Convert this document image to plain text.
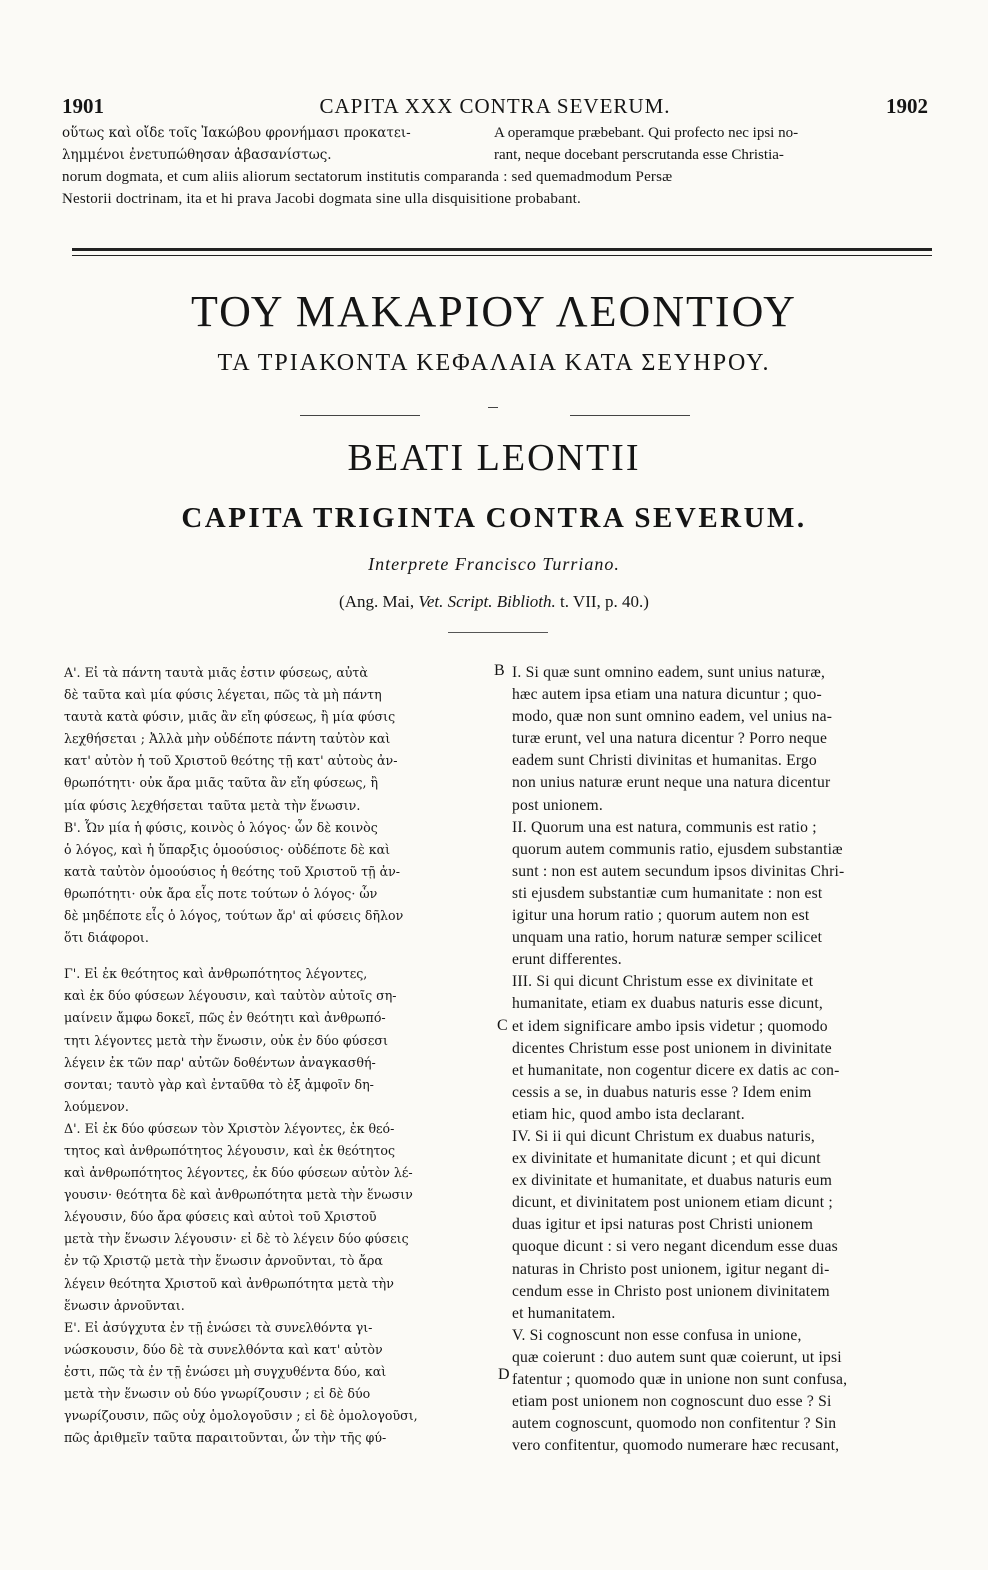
1901	CAPITA XXX CONTRA SEVERUM.	1902
οὕτως καὶ οἴδε τοῖς Ἰακώβου φρονήμασι προκατει-	A operamque præbebant. Qui profecto nec ipsi no-
λημμένοι ἐνετυπώθησαν ἀβασανίστως.	rant, neque docebant perscrutanda esse Christia-
norum dogmata, et cum aliis aliorum sectatorum institutis comparanda : sed quemadmodum Persæ Nestorii doctrinam, ita et hi prava Jacobi dogmata sine ulla disquisitione probabant.
ΤΟΥ ΜΑΚΑΡΙΟΥ ΛΕΟΝΤΙΟΥ
ΤΑ ΤΡΙΑΚΟΝΤΑ ΚΕΦΑΛΑΙΑ ΚΑΤΑ ΣΕΥΗΡΟΥ.
BEATI LEONTII
CAPITA TRIGINTA CONTRA SEVERUM.
Interprete Francisco Turriano.
(Ang. Mai, Vet. Script. Biblioth. t. VII, p. 40.)

Α'. Εἰ τὰ πάντη ταυτὰ μιᾶς ἐστιν φύσεως, αὐτὰ
δὲ ταῦτα καὶ μία φύσις λέγεται, πῶς τὰ μὴ πάντη
ταυτὰ κατὰ φύσιν, μιᾶς ἂν εἴη φύσεως, ἢ μία φύσις
λεχθήσεται ; Ἀλλὰ μὴν οὐδέποτε πάντη ταὐτὸν καὶ
κατ' αὐτὸν ἡ τοῦ Χριστοῦ θεότης τῇ κατ' αὐτοὺς ἀν-
θρωπότητι· οὐκ ἄρα μιᾶς ταῦτα ἂν εἴη φύσεως, ἢ
μία φύσις λεχθήσεται ταῦτα μετὰ τὴν ἕνωσιν.

Β'. Ὧν μία ἡ φύσις, κοινὸς ὁ λόγος· ὧν δὲ κοινὸς
ὁ λόγος, καὶ ἡ ὕπαρξις ὁμοούσιος· οὐδέποτε δὲ καὶ
κατὰ ταὐτὸν ὁμοούσιος ἡ θεότης τοῦ Χριστοῦ τῇ ἀν-
θρωπότητι· οὐκ ἄρα εἷς ποτε τούτων ὁ λόγος· ὧν
δὲ μηδέποτε εἷς ὁ λόγος, τούτων ἄρ' αἱ φύσεις δῆλον
ὅτι διάφοροι.

Γ'. Εἰ ἐκ θεότητος καὶ ἀνθρωπότητος λέγοντες,
καὶ ἐκ δύο φύσεων λέγουσιν, καὶ ταὐτὸν αὐτοῖς ση-
μαίνειν ἄμφω δοκεῖ, πῶς ἐν θεότητι καὶ ἀνθρωπό-
τητι λέγοντες μετὰ τὴν ἕνωσιν, οὐκ ἐν δύο φύσεσι
λέγειν ἐκ τῶν παρ' αὐτῶν δοθέντων ἀναγκασθή-
σονται; ταυτὸ γὰρ καὶ ἐνταῦθα τὸ ἐξ ἀμφοῖν δη-
λούμενον.

Δ'. Εἰ ἐκ δύο φύσεων τὸν Χριστὸν λέγοντες, ἐκ θεό-
τητος καὶ ἀνθρωπότητος λέγουσιν, καὶ ἐκ θεότητος
καὶ ἀνθρωπότητος λέγοντες, ἐκ δύο φύσεων αὐτὸν λέ-
γουσιν· θεότητα δὲ καὶ ἀνθρωπότητα μετὰ τὴν ἕνωσιν
λέγουσιν, δύο ἄρα φύσεις καὶ αὐτοὶ τοῦ Χριστοῦ
μετὰ τὴν ἕνωσιν λέγουσιν· εἰ δὲ τὸ λέγειν δύο φύσεις
ἐν τῷ Χριστῷ μετὰ τὴν ἕνωσιν ἀρνοῦνται, τὸ ἄρα
λέγειν θεότητα Χριστοῦ καὶ ἀνθρωπότητα μετὰ τὴν
ἕνωσιν ἀρνοῦνται.

Ε'. Εἰ ἀσύγχυτα ἐν τῇ ἑνώσει τὰ συνελθόντα γι-
νώσκουσιν, δύο δὲ τὰ συνελθόντα καὶ κατ' αὐτὸν
ἐστι, πῶς τὰ ἐν τῇ ἑνώσει μὴ συγχυθέντα δύο, καὶ
μετὰ τὴν ἕνωσιν οὐ δύο γνωρίζουσιν ; εἰ δὲ δύο
γνωρίζουσιν, πῶς οὐχ ὁμολογοῦσιν ; εἰ δὲ ὁμολογοῦσι,
πῶς ἀριθμεῖν ταῦτα παραιτοῦνται, ὧν τὴν τῆς φύ-

I. Si quæ sunt omnino eadem, sunt unius naturæ,
hæc autem ipsa etiam una natura dicuntur ; quo-
modo, quæ non sunt omnino eadem, vel unius na-
turæ erunt, vel una natura dicentur ? Porro neque
eadem sunt Christi divinitas et humanitas. Ergo
non unius naturæ erunt neque una natura dicentur
post unionem.

II. Quorum una est natura, communis est ratio ;
quorum autem communis ratio, ejusdem substantiæ
sunt : non est autem secundum ipsos divinitas Chri-
sti ejusdem substantiæ cum humanitate : non est
igitur una horum ratio ; quorum autem non est
unquam una ratio, horum naturæ semper scilicet
erunt differentes.

III. Si qui dicunt Christum esse ex divinitate et
humanitate, etiam ex duabus naturis esse dicunt,
et idem significare ambo ipsis videtur ; quomodo
dicentes Christum esse post unionem in divinitate
et humanitate, non cogentur dicere ex datis ac con-
cessis a se, in duabus naturis esse ? Idem enim
etiam hic, quod ambo ista declarant.

IV. Si ii qui dicunt Christum ex duabus naturis,
ex divinitate et humanitate dicunt ; et qui dicunt
ex divinitate et humanitate, et duabus naturis eum
dicunt, et divinitatem post unionem etiam dicunt ;
duas igitur et ipsi naturas post Christi unionem
quoque dicunt : si vero negant dicendum esse duas
naturas in Christo post unionem, igitur negant di-
cendum esse in Christo post unionem divinitatem
et humanitatem.

V. Si cognoscunt non esse confusa in unione,
quæ coierunt : duo autem sunt quæ coierunt, ut ipsi
fatentur ; quomodo quæ in unione non sunt confusa,
etiam post unionem non cognoscunt duo esse ? Si
autem cognoscunt, quomodo non confitentur ? Sin
vero confitentur, quomodo numerare hæc recusant,

B
C
D
